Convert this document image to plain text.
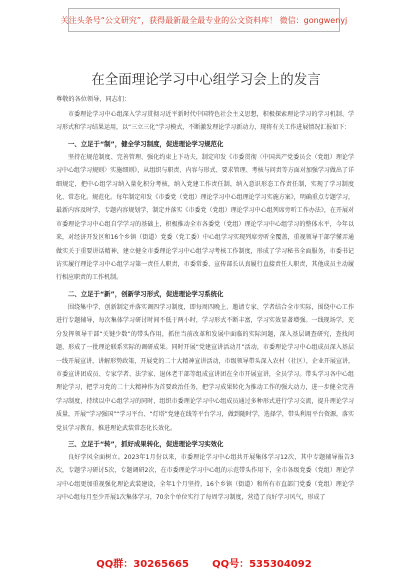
关注头条号“公文研究”，获得最新最全最专业的公文资料库！ 微信：gongwenyj
在全面理论学习中心组学习会上的发言
尊敬的各位领导，同志们：

市委理论学习中心组深入学习贯彻习近平新时代中国特色社会主义思想，积极探索理论学习的学习机制、学习形式和学习结果运用，以“三立三化”学习模式，不断激发理论学习新动力，现将有关工作进展情况汇报如下：

一、立足于“制”，健全学习制度，促进理论学习规范化

坚持在规范制度、完善管理、强化约束上下功夫，制定印发《市委贯彻〈中国共产党委员会（党组）理论学习中心组学习规则〉实施细则》，从组织与职责、内容与形式、要求管理、考核与问责等方面对加强学习做出了详细规定，把中心组学习纳入量化积分考核，纳入党建工作责任制，纳入意识形态工作责任制，实现了学习制度化、常态化。规范化。每年制定印发《市委党（党组）理论学习中心组理论学习实施方案》，明确重点专题学习，最新内容及时学，专题内容规划学，制定并落实《市委党（党组）理论学习中心组列席旁听工作办法》，在开展对市委理论学习中心组自学学习的基础上，积极推动全市各委党（党组）理论学习中心组学习的整体水平，今年以来，对经济开发区和16个乡镇（街道）党委（党工委）中心组学习实现列席旁听全覆盖，重视领导干部学懂弄通做实关于重要讲话精神，建立健全市委理论学习中心组学习考核工作制度，形成了学习秘书全面服务，市委书记访实履行理论学习中心组学习第一责任人职责，市委常委、宣传部长认真履行直接责任人职责，其他成员主动履行相应职责的工作机制。

二、立足于“新”，创新学习形式，促进理论学习系统化

围绕集中学、创新制定并落实调四学习制度，即每周四晚上、邀请专家、学者结合全市实际，围绕中心工作进行专题辅导，每次集体学习研讨时间不低于两小时，学习形式不断丰富，学习实效显著增强。一线现场学，充分发挥领导干部“关键少数”的带头作用，抓住当前改革和发展中面临的实际问题，深入基层调查研究，查找问题，形成了一批理论联系实际的调研成果。同时开展“党建宣讲活动月”活动，市委理论学习中心组成员深入基层一线开展宣讲，讲解形势政策，开展党的二十大精神宣讲活动，市级领导带头深入农村（社区），企业开展宣讲，市委宣讲团成员、专家学者、法学家、退休老干部等组成宣讲团在全市开展宣讲，全员学习。带头学习各中心组理论学习，把学习党的二十大精神作为首要政治任务，把学习成果转化为推动工作的强大动力，进一步健全完善学习制度，持续以中心组学习的同时，组织市委理论学习中心组成员通过多种形式进行学习交流，提升理论学习质量，开展“学习强国”“学习平台、“灯塔”党建在线等平台学习，做到随时学，选择学，带头利用平台资源，落实党员学习教育，推进理论武装常态化长效化。

三、立足于“转”，抓好成果转化，促进理论学习实效化

良好学风全面树立。2023年1月份以来，市委理论学习中心组共开展集体学习12次，其中专题辅导报告3次，专题学习研讨5次，专题调研2次，在市委理论学习中心组的示范带头作用下，全市各级党委（党组）理论学习中心组更加重视强化理论武装建设，全年1个月坚持，16个乡镇（街道）和所有市直部门党委（党组）理论学习中心组每月至少开展1次集体学习，70余个单位实行了每周学习制度，营造了良好学习风气，形成了

QQ群：30265665 QQ号：535304092
